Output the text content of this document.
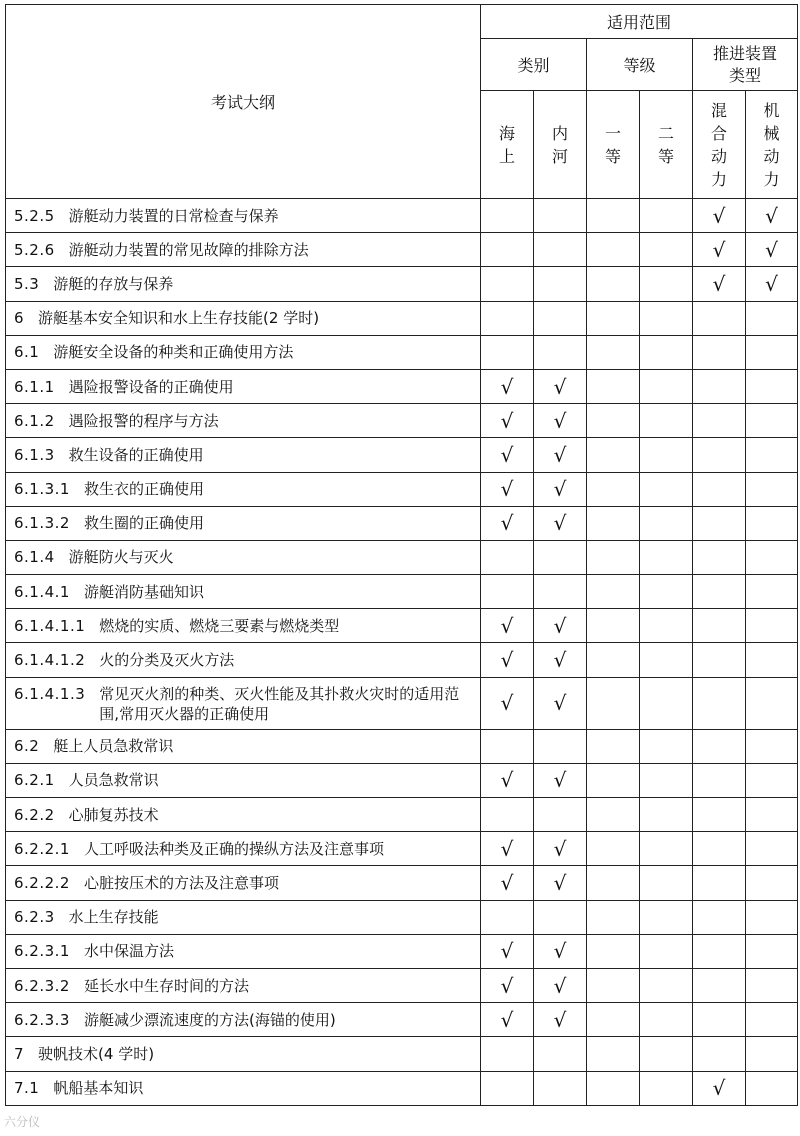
考试大纲	适用范围					
	类别		等级		推进装置类型	
	海上	内河	一等	二等	混合动力	机械动力
5.2.5 游艇动力装置的日常检查与保养					√	√
5.2.6 游艇动力装置的常见故障的排除方法					√	√
5.3 游艇的存放与保养					√	√
6 游艇基本安全知识和水上生存技能(2 学时)						
6.1 游艇安全设备的种类和正确使用方法						
6.1.1 遇险报警设备的正确使用	√	√				
6.1.2 遇险报警的程序与方法	√	√				
6.1.3 救生设备的正确使用	√	√				
6.1.3.1 救生衣的正确使用	√	√				
6.1.3.2 救生圈的正确使用	√	√				
6.1.4 游艇防火与灭火						
6.1.4.1 游艇消防基础知识						
6.1.4.1.1 燃烧的实质、燃烧三要素与燃烧类型	√	√				
6.1.4.1.2 火的分类及灭火方法	√	√				

6.1.4.1.3 常见灭火剂的种类、灭火性能及其扑救火灾时的适用范围,常用灭火器的正确使用	√	√				
6.2 艇上人员急救常识						
6.2.1 人员急救常识	√	√				
6.2.2 心肺复苏技术						
6.2.2.1 人工呼吸法种类及正确的操纵方法及注意事项	√	√				
6.2.2.2 心脏按压术的方法及注意事项	√	√				
6.2.3 水上生存技能						
6.2.3.1 水中保温方法	√	√				
6.2.3.2 延长水中生存时间的方法	√	√				
6.2.3.3 游艇减少漂流速度的方法(海锚的使用)	√	√				
7 驶帆技术(4 学时)						
7.1 帆船基本知识					√	
六分仪
